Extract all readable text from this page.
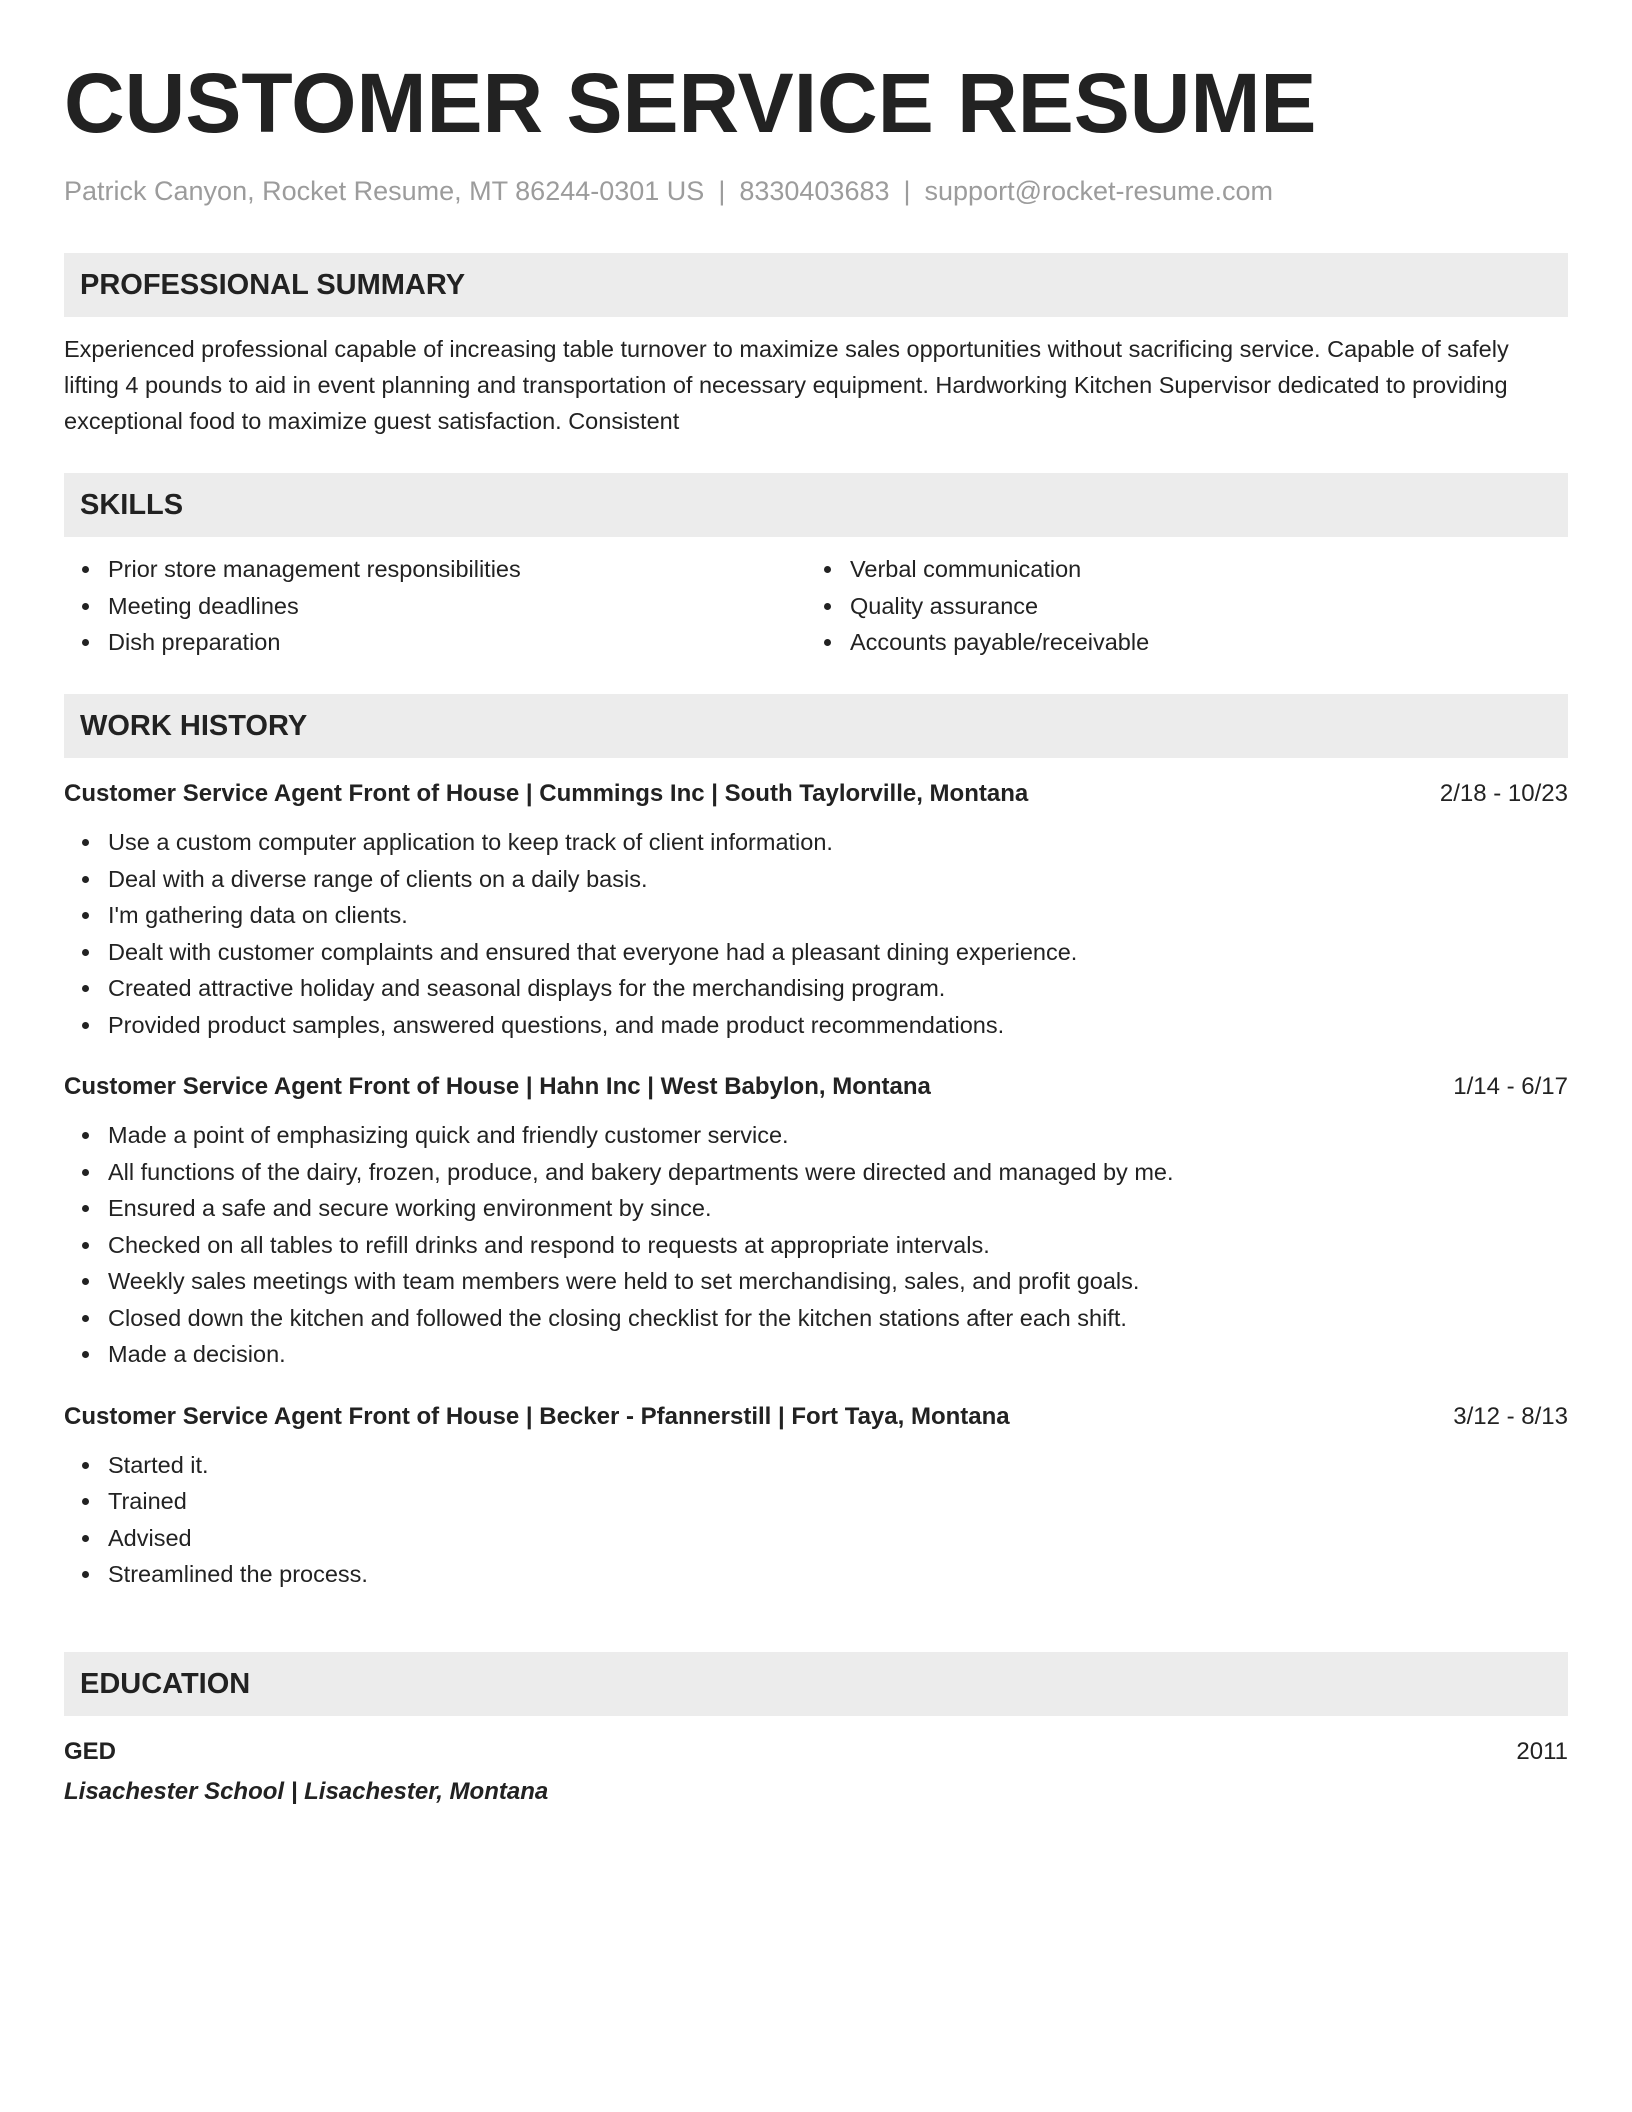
CUSTOMER SERVICE RESUME
Patrick Canyon, Rocket Resume, MT 86244-0301 US | 8330403683 | support@rocket-resume.com
PROFESSIONAL SUMMARY

Experienced professional capable of increasing table turnover to maximize sales opportunities without sacrificing service. Capable of safely lifting 4 pounds to aid in event planning and transportation of necessary equipment. Hardworking Kitchen Supervisor dedicated to providing exceptional food to maximize guest satisfaction. Consistent

SKILLS
Prior store management responsibilities
Meeting deadlines
Dish preparation
Verbal communication
Quality assurance
Accounts payable/receivable
WORK HISTORY
Customer Service Agent Front of House | Cummings Inc | South Taylorville, Montana	2/18 - 10/23
Use a custom computer application to keep track of client information.
Deal with a diverse range of clients on a daily basis.
I'm gathering data on clients.
Dealt with customer complaints and ensured that everyone had a pleasant dining experience.
Created attractive holiday and seasonal displays for the merchandising program.
Provided product samples, answered questions, and made product recommendations.
Customer Service Agent Front of House | Hahn Inc | West Babylon, Montana	1/14 - 6/17
Made a point of emphasizing quick and friendly customer service.
All functions of the dairy, frozen, produce, and bakery departments were directed and managed by me.
Ensured a safe and secure working environment by since.
Checked on all tables to refill drinks and respond to requests at appropriate intervals.
Weekly sales meetings with team members were held to set merchandising, sales, and profit goals.
Closed down the kitchen and followed the closing checklist for the kitchen stations after each shift.
Made a decision.
Customer Service Agent Front of House | Becker - Pfannerstill | Fort Taya, Montana	3/12 - 8/13
Started it.
Trained
Advised
Streamlined the process.
EDUCATION
GED	2011
Lisachester School | Lisachester, Montana
